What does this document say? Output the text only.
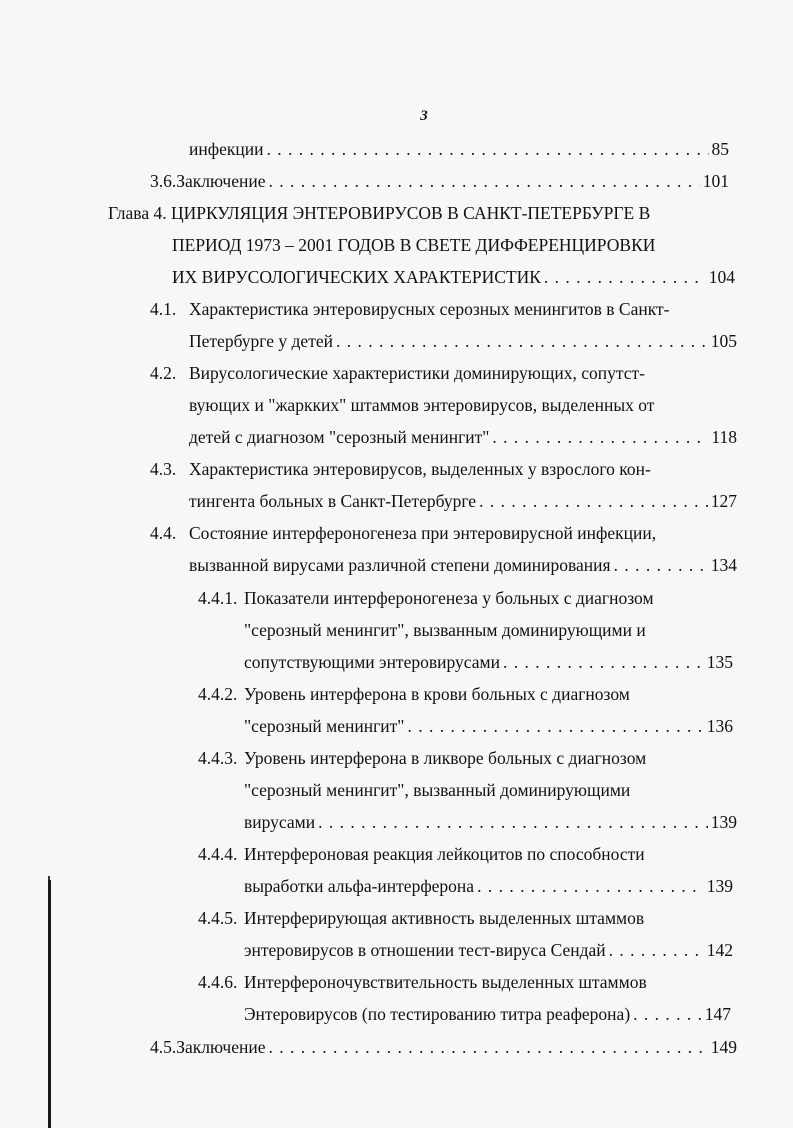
3
инфекции . . .	85
3.6. Заключение . . .	101
Глава 4. ЦИРКУЛЯЦИЯ ЭНТЕРОВИРУСОВ В САНКТ-ПЕТЕРБУРГЕ В
ПЕРИОД 1973 – 2001 ГОДОВ В СВЕТЕ ДИФФЕРЕНЦИРОВКИ
ИХ ВИРУСОЛОГИЧЕСКИХ ХАРАКТЕРИСТИК . . .	104
4.1. Характеристика энтеровирусных серозных менингитов в Санкт-
Петербурге у детей . . .	105
4.2. Вирусологические характеристики доминирующих, сопутст-
вующих и "жаркких" штаммов энтеровирусов, выделенных от
детей с диагнозом "серозный менингит" . . .	118
4.3. Характеристика энтеровирусов, выделенных у взрослого кон-
тингента больных в Санкт-Петербурге . . .	127
4.4. Состояние интерфероногенеза при энтеровирусной инфекции,
вызванной вирусами различной степени доминирования . . .	134
4.4.1. Показатели интерфероногенеза у больных с диагнозом
"серозный менингит", вызванным доминирующими и
сопутствующими энтеровирусами . . .	135
4.4.2. Уровень интерферона в крови больных с диагнозом
"серозный менингит" . . .	136
4.4.3. Уровень интерферона в ликворе больных с диагнозом
"серозный менингит", вызванный доминирующими
вирусами . . .	139
4.4.4. Интерфероновая реакция лейкоцитов по способности
выработки альфа-интерферона . . .	139
4.4.5. Интерферирующая активность выделенных штаммов
энтеровирусов в отношении тест-вируса Сендай . . .	142
4.4.6. Интерфероночувствительность выделенных штаммов
Энтеровирусов (по тестированию титра реаферона) . . .	147
4.5. Заключение . . .	149
